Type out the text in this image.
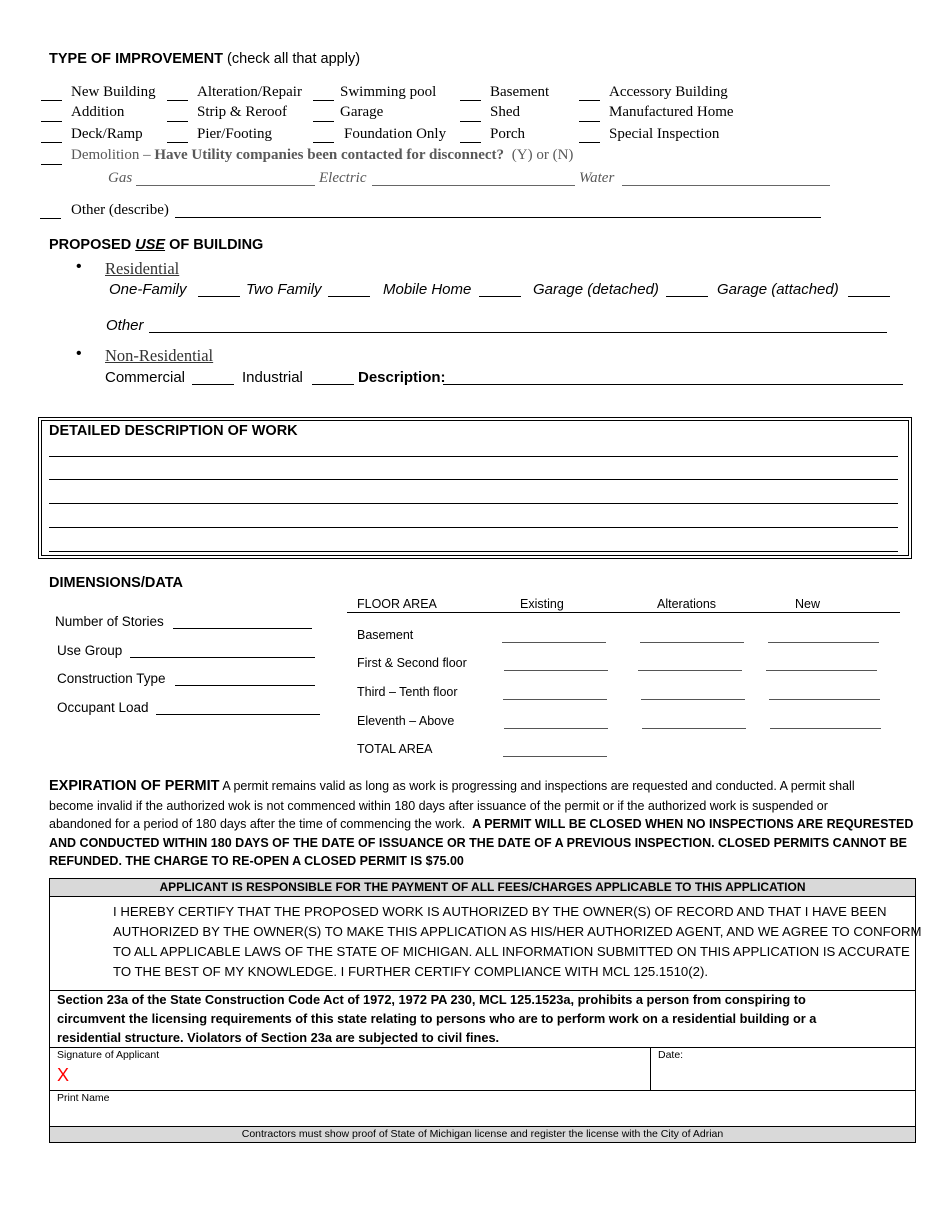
TYPE OF IMPROVEMENT (check all that apply)
New Building	Alteration/Repair	Swimming pool	Basement	Accessory Building
Addition	Strip & Reroof	Garage	Shed	Manufactured Home
Deck/Ramp	Pier/Footing	Foundation Only	Porch	Special Inspection
Demolition – Have Utility companies been contacted for disconnect? (Y) or (N)
Gas	Electric	Water
Other (describe)
PROPOSED USE OF BUILDING
• Residential
One-Family	Two Family	Mobile Home	Garage (detached)	Garage (attached)
Other
• Non-Residential
Commercial	Industrial	Description:
DETAILED DESCRIPTION OF WORK
DIMENSIONS/DATA
Number of Stories
Use Group
Construction Type
Occupant Load
FLOOR AREA	Existing	Alterations	New
Basement
First & Second floor
Third – Tenth floor
Eleventh – Above
TOTAL AREA
EXPIRATION OF PERMIT A permit remains valid as long as work is progressing and inspections are requested and conducted. A permit shall
become invalid if the authorized wok is not commenced within 180 days after issuance of the permit or if the authorized work is suspended or
abandoned for a period of 180 days after the time of commencing the work. A PERMIT WILL BE CLOSED WHEN NO INSPECTIONS ARE REQURESTED
AND CONDUCTED WITHIN 180 DAYS OF THE DATE OF ISSUANCE OR THE DATE OF A PREVIOUS INSPECTION. CLOSED PERMITS CANNOT BE
REFUNDED. THE CHARGE TO RE-OPEN A CLOSED PERMIT IS $75.00
APPLICANT IS RESPONSIBLE FOR THE PAYMENT OF ALL FEES/CHARGES APPLICABLE TO THIS APPLICATION
I HEREBY CERTIFY THAT THE PROPOSED WORK IS AUTHORIZED BY THE OWNER(S) OF RECORD AND THAT I HAVE BEEN
AUTHORIZED BY THE OWNER(S) TO MAKE THIS APPLICATION AS HIS/HER AUTHORIZED AGENT, AND WE AGREE TO CONFORM
TO ALL APPLICABLE LAWS OF THE STATE OF MICHIGAN. ALL INFORMATION SUBMITTED ON THIS APPLICATION IS ACCURATE
TO THE BEST OF MY KNOWLEDGE. I FURTHER CERTIFY COMPLIANCE WITH MCL 125.1510(2).
Section 23a of the State Construction Code Act of 1972, 1972 PA 230, MCL 125.1523a, prohibits a person from conspiring to
circumvent the licensing requirements of this state relating to persons who are to perform work on a residential building or a
residential structure. Violators of Section 23a are subjected to civil fines.
Signature of Applicant
X
Date:
Print Name
Contractors must show proof of State of Michigan license and register the license with the City of Adrian
